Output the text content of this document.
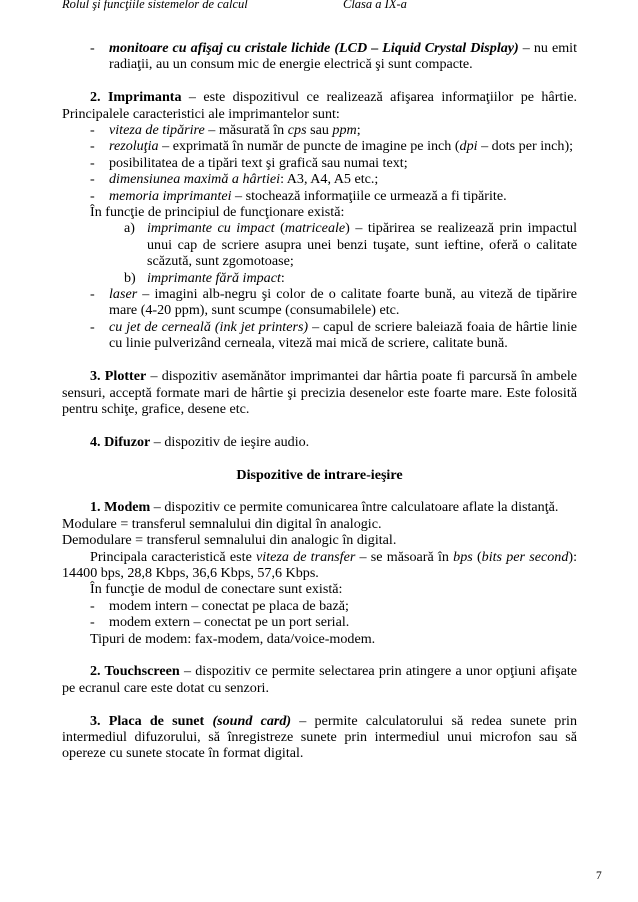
Rolul şi funcţiile sistemelor de calcul	Clasa a IX-a

- monitoare cu afişaj cu cristale lichide (LCD – Liquid Crystal Display) – nu emit radiaţii, au un consum mic de energie electrică şi sunt compacte.

2. Imprimanta – este dispozitivul ce realizează afişarea informaţiilor pe hârtie. Principalele caracteristici ale imprimantelor sunt:

- viteza de tipărire – măsurată în cps sau ppm;

- rezoluţia – exprimată în număr de puncte de imagine pe inch (dpi – dots per inch);

- posibilitatea de a tipări text şi grafică sau numai text;

- dimensiunea maximă a hârtiei: A3, A4, A5 etc.;

- memoria imprimantei – stochează informaţiile ce urmează a fi tipărite.

În funcţie de principiul de funcţionare există:

a) imprimante cu impact (matriceale) – tipărirea se realizează prin impactul unui cap de scriere asupra unei benzi tuşate, sunt ieftine, oferă o calitate scăzută, sunt zgomotoase;

b) imprimante fără impact:

- laser – imagini alb-negru şi color de o calitate foarte bună, au viteză de tipărire mare (4-20 ppm), sunt scumpe (consumabilele) etc.

- cu jet de cerneală (ink jet printers) – capul de scriere baleiază foaia de hârtie linie cu linie pulverizând cerneala, viteză mai mică de scriere, calitate bună.

3. Plotter – dispozitiv asemănător imprimantei dar hârtia poate fi parcursă în ambele sensuri, acceptă formate mari de hârtie şi precizia desenelor este foarte mare. Este folosită pentru schiţe, grafice, desene etc.

4. Difuzor – dispozitiv de ieşire audio.

Dispozitive de intrare-ieşire

1. Modem – dispozitiv ce permite comunicarea între calculatoare aflate la distanţă.

Modulare = transferul semnalului din digital în analogic.

Demodulare = transferul semnalului din analogic în digital.

Principala caracteristică este viteza de transfer – se măsoară în bps (bits per second): 14400 bps, 28,8 Kbps, 36,6 Kbps, 57,6 Kbps.

În funcţie de modul de conectare sunt există:

- modem intern – conectat pe placa de bază;

- modem extern – conectat pe un port serial.

Tipuri de modem: fax-modem, data/voice-modem.

2. Touchscreen – dispozitiv ce permite selectarea prin atingere a unor opţiuni afişate pe ecranul care este dotat cu senzori.

3. Placa de sunet (sound card) – permite calculatorului să redea sunete prin intermediul difuzorului, să înregistreze sunete prin intermediul unui microfon sau să opereze cu sunete stocate în format digital.

7
